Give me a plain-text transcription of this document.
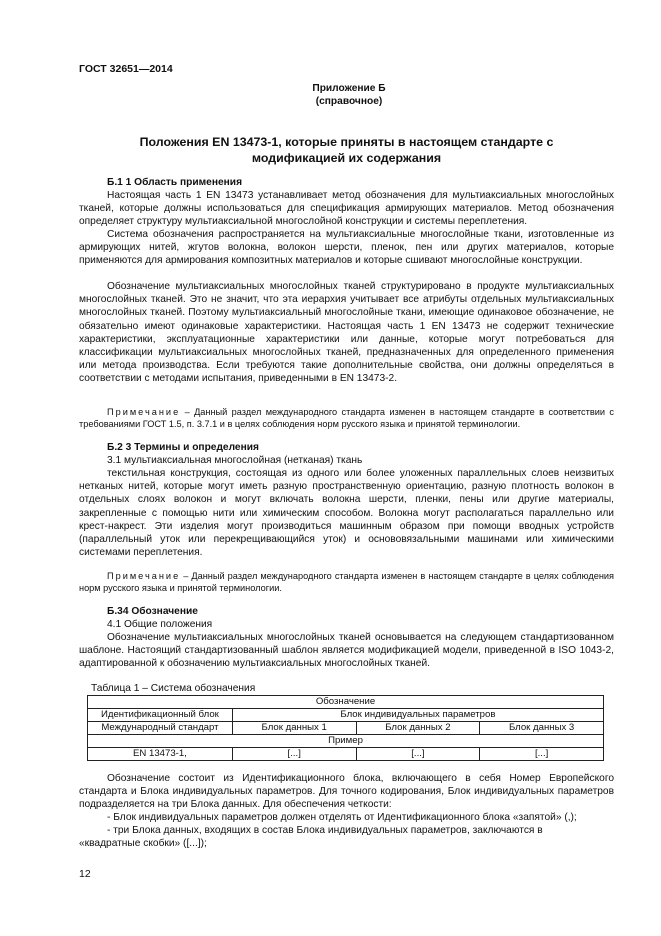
ГОСТ 32651—2014
Приложение Б
(справочное)
Положения EN 13473-1, которые приняты в настоящем стандарте с
модификацией их содержания
Б.1 1 Область применения

Настоящая часть 1 EN 13473 устанавливает метод обозначения для мультиаксиальных многослойных тканей, которые должны использоваться для спецификация армирующих материалов. Метод обозначения определяет структуру мультиаксиальной многослойной конструкции и системы переплетения.

Система обозначения распространяется на мультиаксиальные многослойные ткани, изготовленные из армирующих нитей, жгутов волокна, волокон шерсти, пленок, пен или других материалов, которые применяются для армирования композитных материалов и которые сшивают многослойные конструкции.

Обозначение мультиаксиальных многослойных тканей структурировано в продукте мультиаксиальных многослойных тканей. Это не значит, что эта иерархия учитывает все атрибуты отдельных мультиаксиальных многослойных тканей. Поэтому мультиаксиальный многослойные ткани, имеющие одинаковое обозначение, не обязательно имеют одинаковые характеристики. Настоящая часть 1 EN 13473 не содержит технические характеристики, эксплуатационные характеристики или данные, которые могут потребоваться для классификации мультиаксиальных многослойных тканей, предназначенных для определенного применения или метода производства. Если требуются такие дополнительные свойства, они должны определяться в соответствии с методами испытания, приведенными в EN 13473-2.

Примечание – Данный раздел международного стандарта изменен в настоящем стандарте в соответствии с требованиями ГОСТ 1.5, п. 3.7.1 и в целях соблюдения норм русского языка и принятой терминологии.

Б.2 3 Термины и определения
3.1 мультиаксиальная многослойная (нетканая) ткань

текстильная конструкция, состоящая из одного или более уложенных параллельных слоев неизвитых нетканых нитей, которые могут иметь разную пространственную ориентацию, разную плотность волокон в отдельных слоях волокон и могут включать волокна шерсти, пленки, пены или другие материалы, закрепленные с помощью нити или химическим способом. Волокна могут располагаться параллельно или крест-накрест. Эти изделия могут производиться машинным образом при помощи вводных устройств (параллельный уток или перекрещивающийся уток) и основовязальными машинами или химическими системами переплетения.

Примечание – Данный раздел международного стандарта изменен в настоящем стандарте в целях соблюдения норм русского языка и принятой терминологии.

Б.34 Обозначение
4.1 Общие положения

Обозначение мультиаксиальных многослойных тканей основывается на следующем стандартизованном шаблоне. Настоящий стандартизованный шаблон является модификацией модели, приведенной в ISO 1043-2, адаптированной к обозначению мультиаксиальных многослойных тканей.

Таблица 1 – Система обозначения
Обозначение			
Идентификационный блок	Блок индивидуальных параметров		
Международный стандарт	Блок данных 1	Блок данных 2	Блок данных 3
Пример			
EN 13473-1,	[...]	[...]	[...]

Обозначение состоит из Идентификационного блока, включающего в себя Номер Европейского стандарта и Блока индивидуальных параметров. Для точного кодирования, Блок индивидуальных параметров подразделяется на три Блока данных. Для обеспечения четкости:

- Блок индивидуальных параметров должен отделять от Идентификационного блока «запятой» (,);

- три Блока данных, входящих в состав Блока индивидуальных параметров, заключаются в

«квадратные скобки» ([...]);
12
